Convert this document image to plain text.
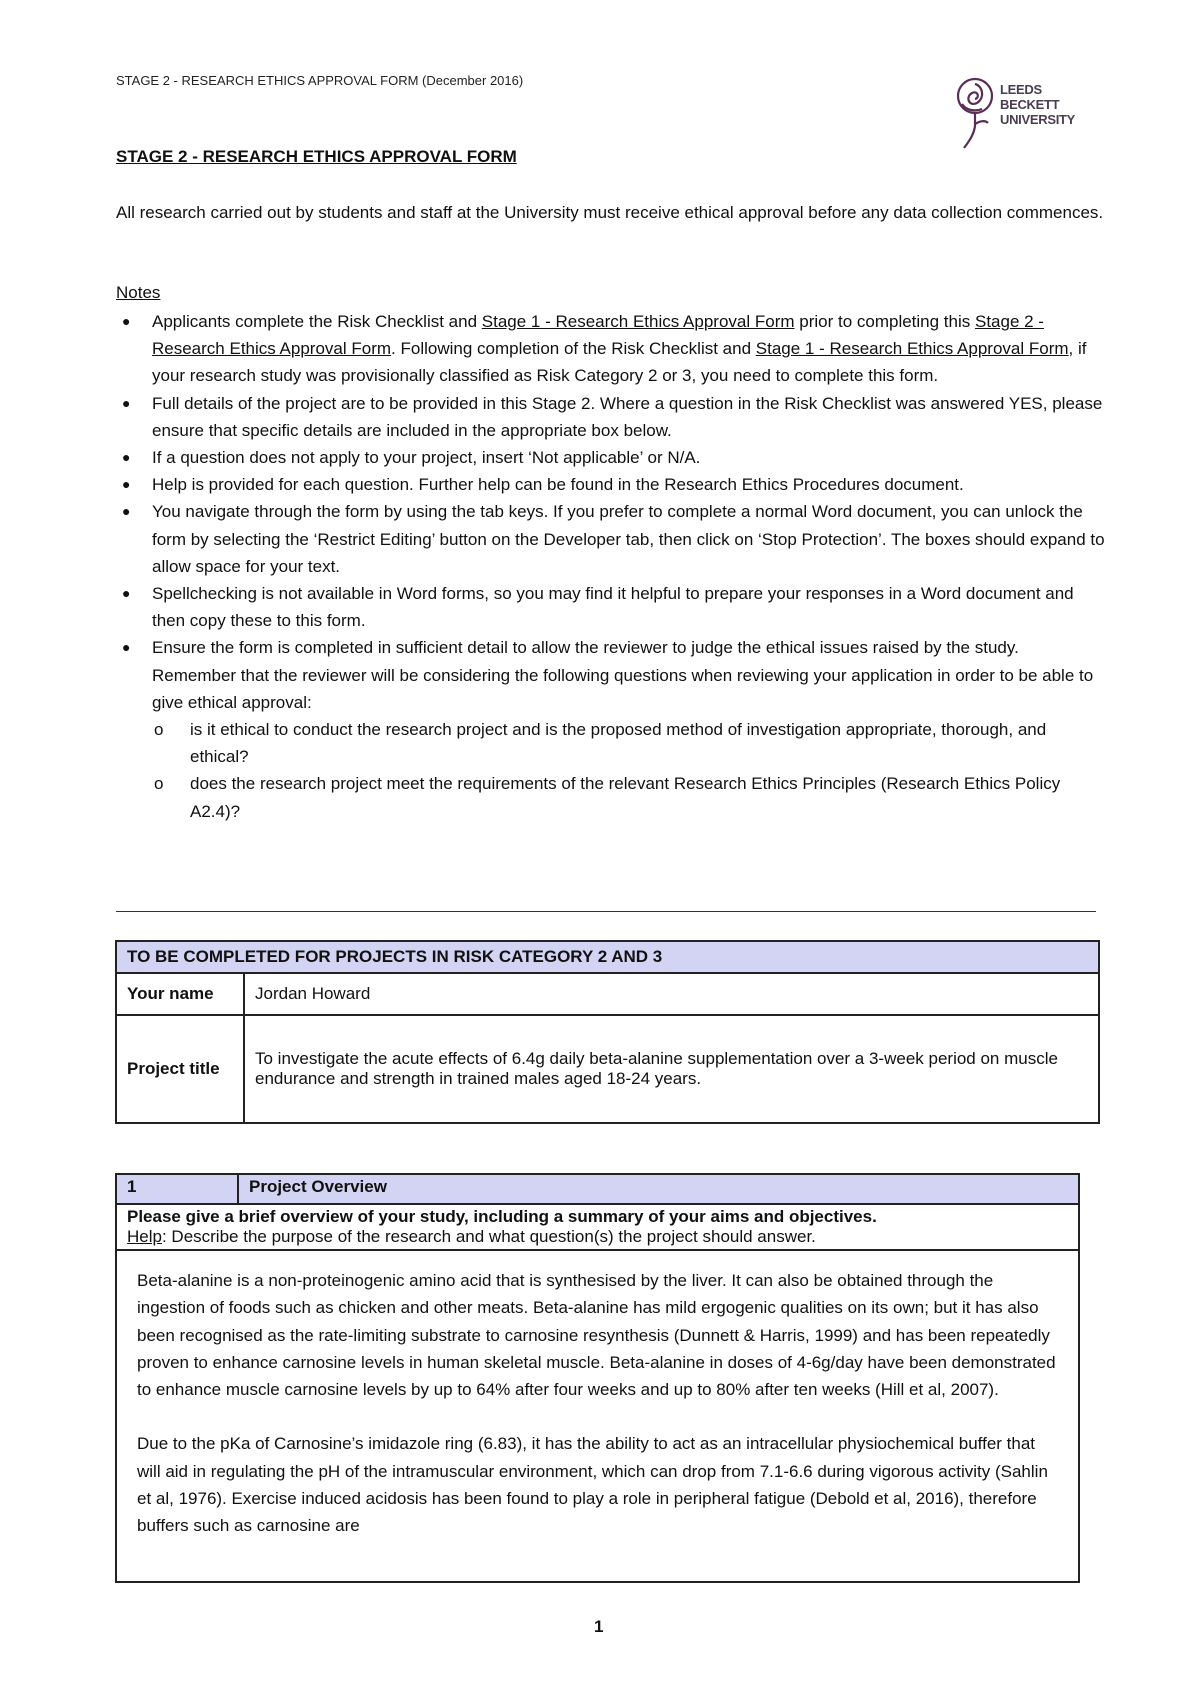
STAGE 2 - RESEARCH ETHICS APPROVAL FORM (December 2016)
LEEDS
BECKETT
UNIVERSITY
STAGE 2 - RESEARCH ETHICS APPROVAL FORM
All research carried out by students and staff at the University must receive ethical approval before any data collection commences.
Notes
● Applicants complete the Risk Checklist and Stage 1 - Research Ethics Approval Form prior to completing this Stage 2 - Research Ethics Approval Form. Following completion of the Risk Checklist and Stage 1 - Research Ethics Approval Form, if your research study was provisionally classified as Risk Category 2 or 3, you need to complete this form.
● Full details of the project are to be provided in this Stage 2. Where a question in the Risk Checklist was answered YES, please ensure that specific details are included in the appropriate box below.
● If a question does not apply to your project, insert ‘Not applicable’ or N/A.
● Help is provided for each question. Further help can be found in the Research Ethics Procedures document.
● You navigate through the form by using the tab keys. If you prefer to complete a normal Word document, you can unlock the form by selecting the ‘Restrict Editing’ button on the Developer tab, then click on ‘Stop Protection’. The boxes should expand to allow space for your text.
● Spellchecking is not available in Word forms, so you may find it helpful to prepare your responses in a Word document and then copy these to this form.
● Ensure the form is completed in sufficient detail to allow the reviewer to judge the ethical issues raised by the study. Remember that the reviewer will be considering the following questions when reviewing your application in order to be able to give ethical approval:
o is it ethical to conduct the research project and is the proposed method of investigation appropriate, thorough, and ethical?
o does the research project meet the requirements of the relevant Research Ethics Principles (Research Ethics Policy A2.4)?
TO BE COMPLETED FOR PROJECTS IN RISK CATEGORY 2 AND 3	
Your name	Jordan Howard
Project title	To investigate the acute effects of 6.4g daily beta-alanine supplementation over a 3-week period on muscle endurance and strength in trained males aged 18-24 years.
1	Project Overview

Please give a brief overview of your study, including a summary of your aims and objectives.
Help: Describe the purpose of the research and what question(s) the project should answer.

Beta-alanine is a non-proteinogenic amino acid that is synthesised by the liver. It can also be obtained through the ingestion of foods such as chicken and other meats. Beta-alanine has mild ergogenic qualities on its own; but it has also been recognised as the rate-limiting substrate to carnosine resynthesis (Dunnett & Harris, 1999) and has been repeatedly proven to enhance carnosine levels in human skeletal muscle. Beta-alanine in doses of 4-6g/day have been demonstrated to enhance muscle carnosine levels by up to 64% after four weeks and up to 80% after ten weeks (Hill et al, 2007).

Due to the pKa of Carnosine’s imidazole ring (6.83), it has the ability to act as an intracellular physiochemical buffer that will aid in regulating the pH of the intramuscular environment, which can drop from 7.1-6.6 during vigorous activity (Sahlin et al, 1976). Exercise induced acidosis has been found to play a role in peripheral fatigue (Debold et al, 2016), therefore buffers such as carnosine are

1
